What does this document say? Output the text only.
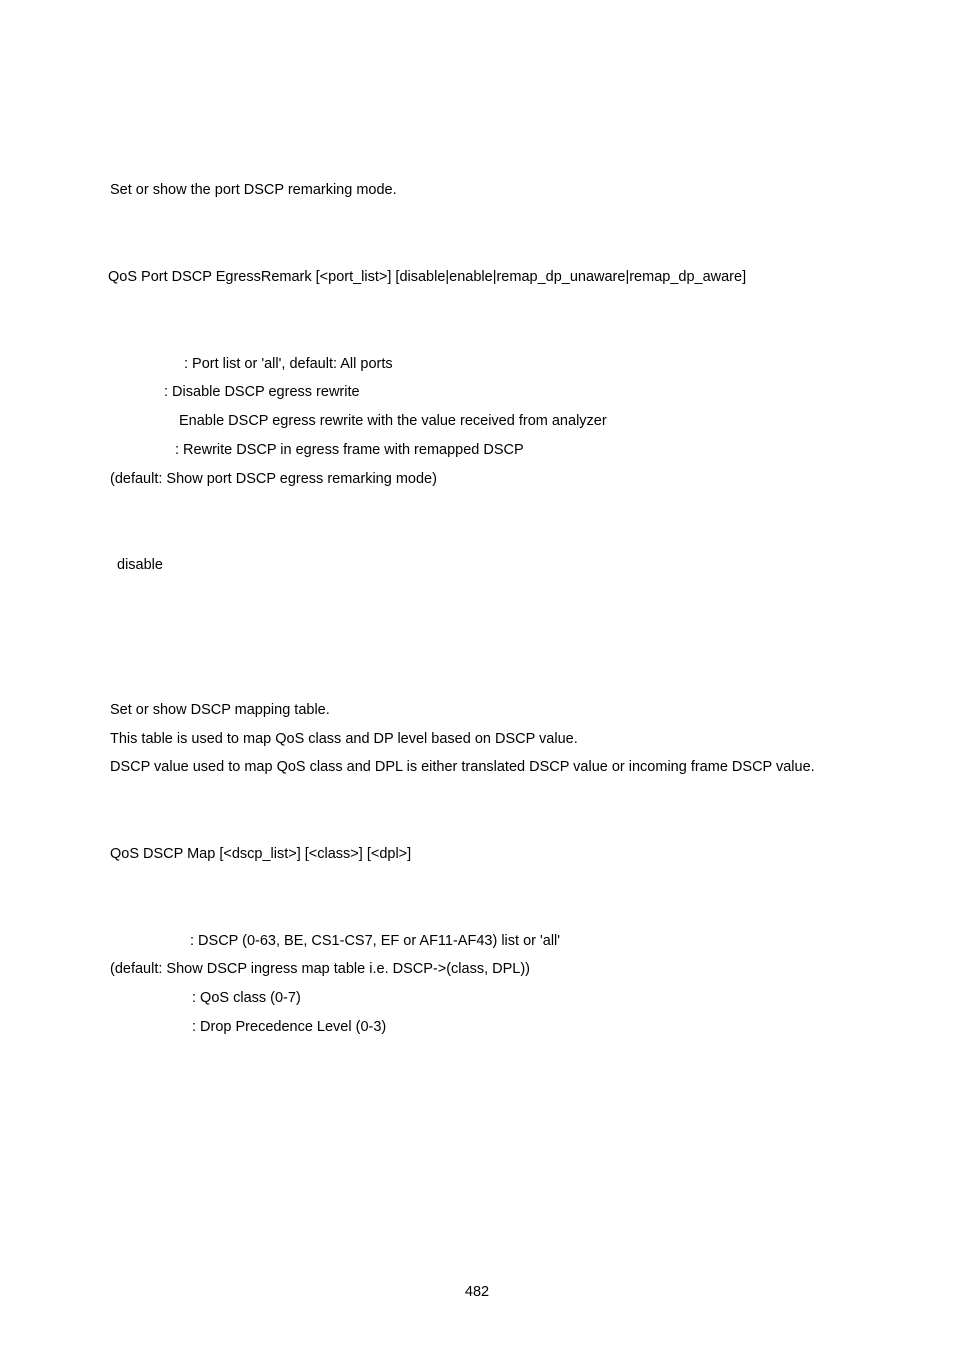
Set or show the port DSCP remarking mode.
QoS Port DSCP EgressRemark [<port_list>] [disable|enable|remap_dp_unaware|remap_dp_aware]
: Port list or 'all', default: All ports
: Disable DSCP egress rewrite
Enable DSCP egress rewrite with the value received from analyzer
: Rewrite DSCP in egress frame with remapped DSCP
(default: Show port DSCP egress remarking mode)
disable
Set or show DSCP mapping table.
This table is used to map QoS class and DP level based on DSCP value.
DSCP value used to map QoS class and DPL is either translated DSCP value or incoming frame DSCP value.
QoS DSCP Map [<dscp_list>] [<class>] [<dpl>]
: DSCP (0-63, BE, CS1-CS7, EF or AF11-AF43) list or 'all'
(default: Show DSCP ingress map table i.e. DSCP->(class, DPL))
: QoS class (0-7)
: Drop Precedence Level (0-3)
482
